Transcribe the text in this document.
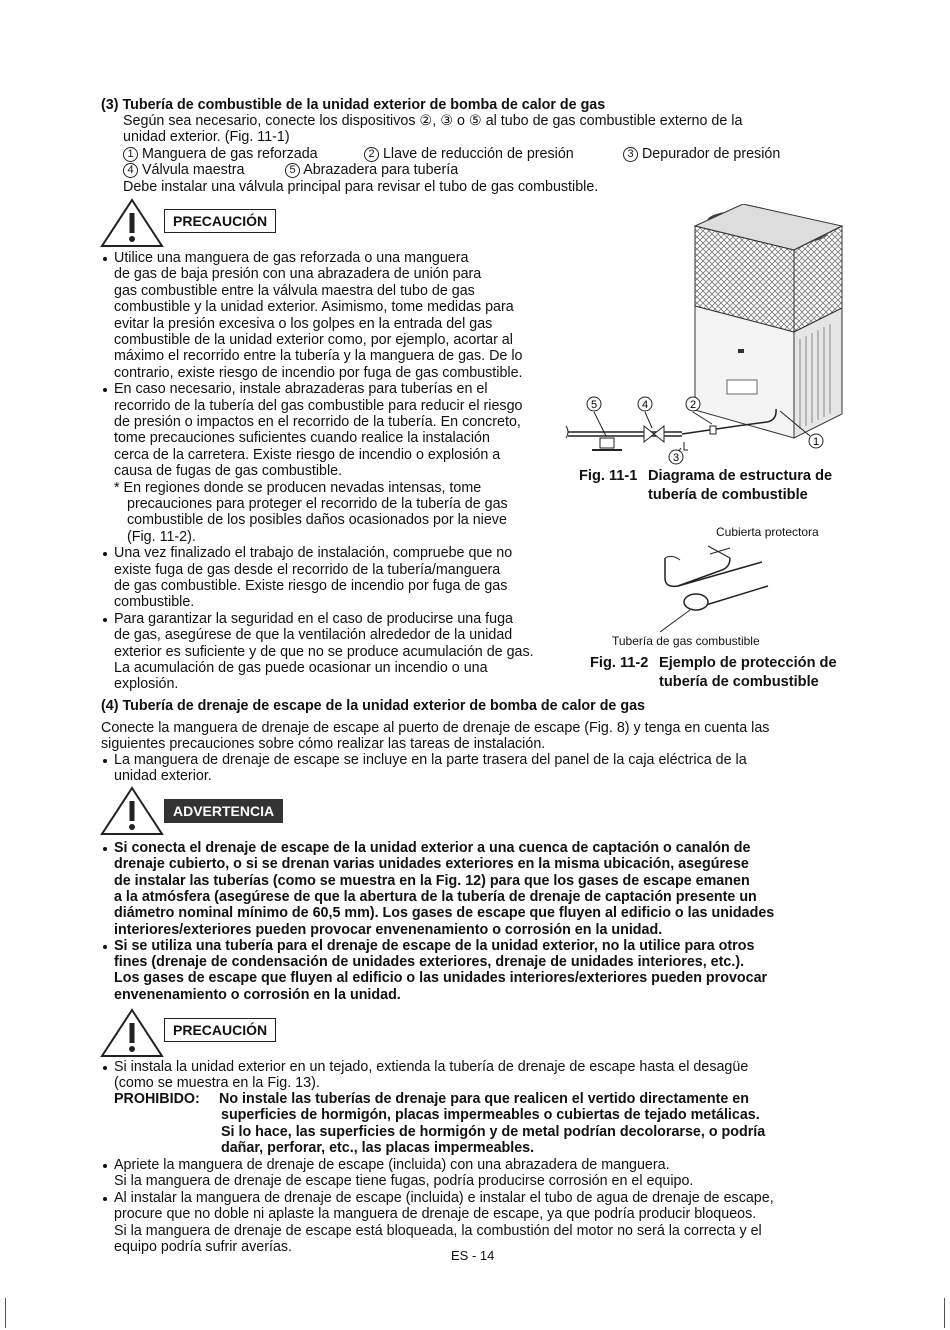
(3) Tubería de combustible de la unidad exterior de bomba de calor de gas
Según sea necesario, conecte los dispositivos ②, ③ o ⑤ al tubo de gas combustible externo de la
unidad exterior. (Fig. 11-1)
1 Manguera de gas reforzada	2 Llave de reducción de presión	3 Depurador de presión
4 Válvula maestra	5 Abrazadera para tubería
Debe instalar una válvula principal para revisar el tubo de gas combustible.
PRECAUCIÓN
Utilice una manguera de gas reforzada o una manguera
de gas de baja presión con una abrazadera de unión para
gas combustible entre la válvula maestra del tubo de gas
combustible y la unidad exterior. Asimismo, tome medidas para
evitar la presión excesiva o los golpes en la entrada del gas
combustible de la unidad exterior como, por ejemplo, acortar al
máximo el recorrido entre la tubería y la manguera de gas. De lo
contrario, existe riesgo de incendio por fuga de gas combustible.
En caso necesario, instale abrazaderas para tuberías en el
recorrido de la tubería del gas combustible para reducir el riesgo
de presión o impactos en el recorrido de la tubería. En concreto,
tome precauciones suficientes cuando realice la instalación
cerca de la carretera. Existe riesgo de incendio o explosión a
causa de fugas de gas combustible.
* En regiones donde se producen nevadas intensas, tome
precauciones para proteger el recorrido de la tubería de gas
combustible de los posibles daños ocasionados por la nieve
(Fig. 11-2).
Una vez finalizado el trabajo de instalación, compruebe que no
existe fuga de gas desde el recorrido de la tubería/manguera
de gas combustible. Existe riesgo de incendio por fuga de gas
combustible.
Para garantizar la seguridad en el caso de producirse una fuga
de gas, asegúrese de que la ventilación alrededor de la unidad
exterior es suficiente y de que no se produce acumulación de gas.
La acumulación de gas puede ocasionar un incendio o una
explosión.
5	4	2
1
3
Fig. 11-1 Diagrama de estructura de
tubería de combustible
Cubierta protectora
Tubería de gas combustible
Fig. 11-2 Ejemplo de protección de
tubería de combustible
(4) Tubería de drenaje de escape de la unidad exterior de bomba de calor de gas
Conecte la manguera de drenaje de escape al puerto de drenaje de escape (Fig. 8) y tenga en cuenta las
siguientes precauciones sobre cómo realizar las tareas de instalación.
La manguera de drenaje de escape se incluye en la parte trasera del panel de la caja eléctrica de la
unidad exterior.
ADVERTENCIA
Si conecta el drenaje de escape de la unidad exterior a una cuenca de captación o canalón de
drenaje cubierto, o si se drenan varias unidades exteriores en la misma ubicación, asegúrese
de instalar las tuberías (como se muestra en la Fig. 12) para que los gases de escape emanen
a la atmósfera (asegúrese de que la abertura de la tubería de drenaje de captación presente un
diámetro nominal mínimo de 60,5 mm). Los gases de escape que fluyen al edificio o las unidades
interiores/exteriores pueden provocar envenenamiento o corrosión en la unidad.
Si se utiliza una tubería para el drenaje de escape de la unidad exterior, no la utilice para otros
fines (drenaje de condensación de unidades exteriores, drenaje de unidades interiores, etc.).
Los gases de escape que fluyen al edificio o las unidades interiores/exteriores pueden provocar
envenenamiento o corrosión en la unidad.
PRECAUCIÓN
Si instala la unidad exterior en un tejado, extienda la tubería de drenaje de escape hasta el desagüe
(como se muestra en la Fig. 13).
PROHIBIDO: No instale las tuberías de drenaje para que realicen el vertido directamente en
superficies de hormigón, placas impermeables o cubiertas de tejado metálicas.
Si lo hace, las superficies de hormigón y de metal podrían decolorarse, o podría
dañar, perforar, etc., las placas impermeables.
Apriete la manguera de drenaje de escape (incluida) con una abrazadera de manguera.
Si la manguera de drenaje de escape tiene fugas, podría producirse corrosión en el equipo.
Al instalar la manguera de drenaje de escape (incluida) e instalar el tubo de agua de drenaje de escape,
procure que no doble ni aplaste la manguera de drenaje de escape, ya que podría producir bloqueos.
Si la manguera de drenaje de escape está bloqueada, la combustión del motor no será la correcta y el
equipo podría sufrir averías.
ES - 14
